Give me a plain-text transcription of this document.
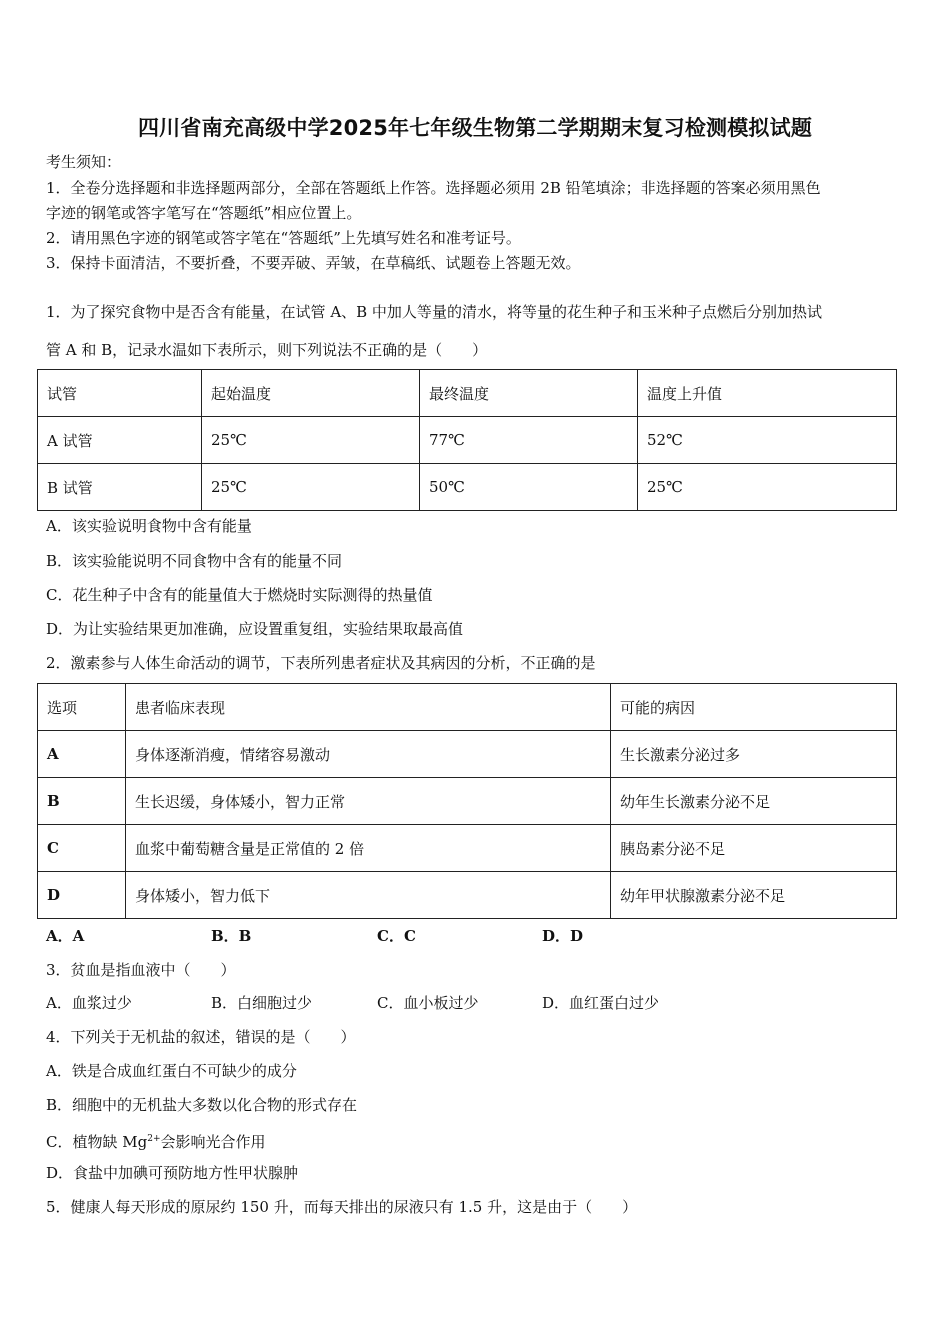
四川省南充高级中学2025年七年级生物第二学期期末复习检测模拟试题
考生须知：
1．全卷分选择题和非选择题两部分，全部在答题纸上作答。选择题必须用 2B 铅笔填涂；非选择题的答案必须用黑色
字迹的钢笔或答字笔写在“答题纸”相应位置上。
2．请用黑色字迹的钢笔或答字笔在“答题纸”上先填写姓名和准考证号。
3．保持卡面清洁，不要折叠，不要弄破、弄皱，在草稿纸、试题卷上答题无效。
1．为了探究食物中是否含有能量，在试管 A、B 中加人等量的清水，将等量的花生种子和玉米种子点燃后分别加热试
管 A 和 B，记录水温如下表所示，则下列说法不正确的是（　　）
试管	起始温度	最终温度	温度上升值
A 试管	25℃	77℃	52℃
B 试管	25℃	50℃	25℃
A．该实验说明食物中含有能量
B．该实验能说明不同食物中含有的能量不同
C．花生种子中含有的能量值大于燃烧时实际测得的热量值
D．为让实验结果更加准确，应设置重复组，实验结果取最高值
2．激素参与人体生命活动的调节，下表所列患者症状及其病因的分析，不正确的是
选项	患者临床表现	可能的病因
A	身体逐渐消瘦，情绪容易激动	生长激素分泌过多
B	生长迟缓，身体矮小，智力正常	幼年生长激素分泌不足
C	血浆中葡萄糖含量是正常值的 2 倍	胰岛素分泌不足
D	身体矮小，智力低下	幼年甲状腺激素分泌不足
A．A	B．B	C．C	D．D
3．贫血是指血液中（　　）
A．血浆过少	B．白细胞过少	C．血小板过少	D．血红蛋白过少
4．下列关于无机盐的叙述，错误的是（　　）
A．铁是合成血红蛋白不可缺少的成分
B．细胞中的无机盐大多数以化合物的形式存在
C．植物缺 $Mg^{2+}$会影响光合作用
D．食盐中加碘可预防地方性甲状腺肿
5．健康人每天形成的原尿约 150 升，而每天排出的尿液只有 1.5 升，这是由于（　　）
